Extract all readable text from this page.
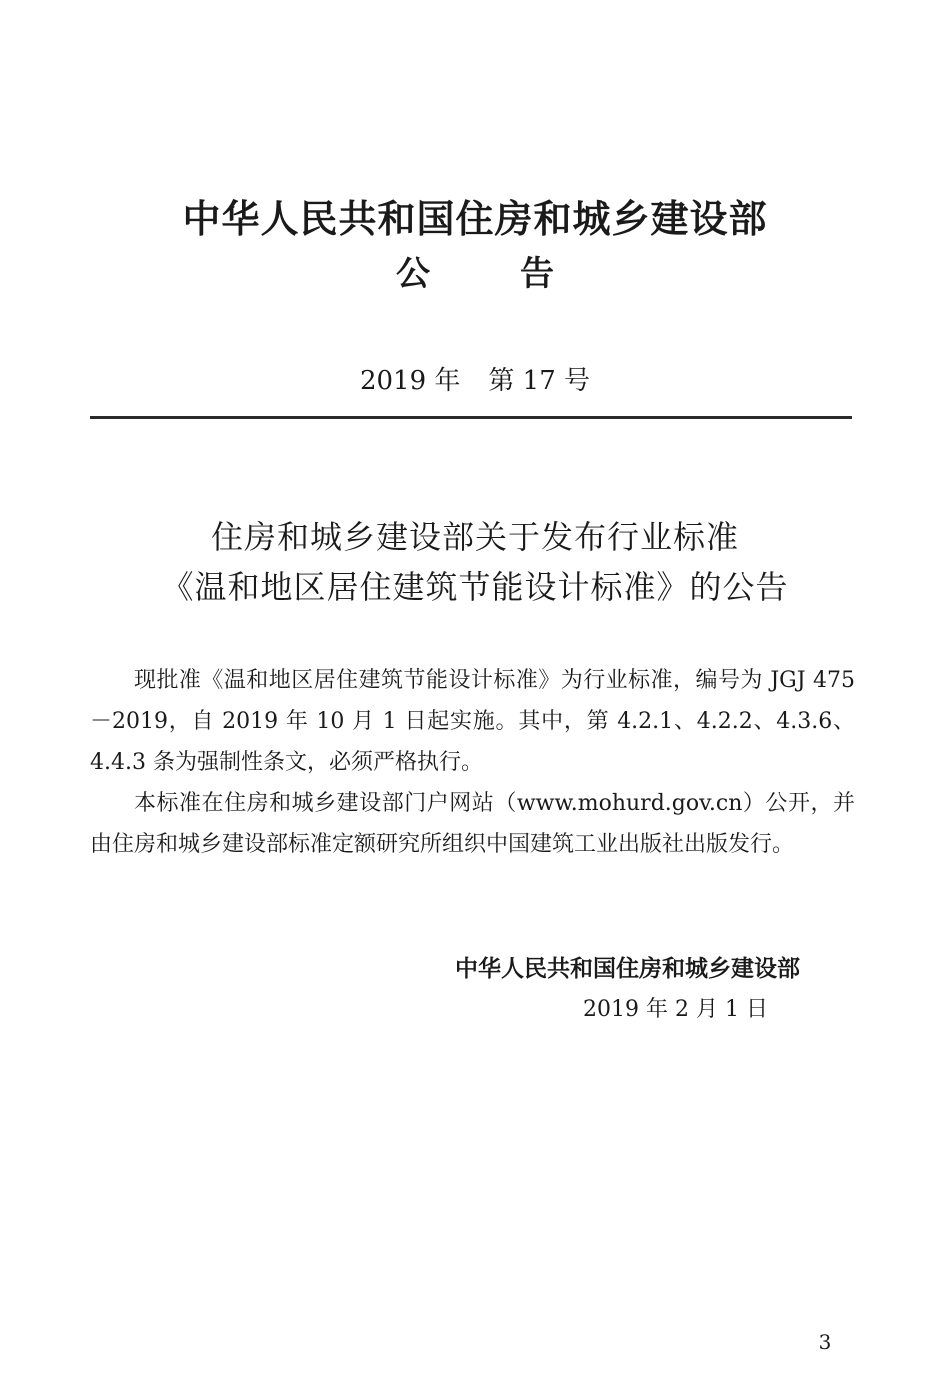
中华人民共和国住房和城乡建设部
公	告
2019 年 第 17 号
住房和城乡建设部关于发布行业标准
《温和地区居住建筑节能设计标准》的公告

现批准《温和地区居住建筑节能设计标准》为行业标准，编号为 JGJ 475－2019，自 2019 年 10 月 1 日起实施。其中，第 4.2.1、4.2.2、4.3.6、4.4.3 条为强制性条文，必须严格执行。

本标准在住房和城乡建设部门户网站（www.mohurd.gov.cn）公开，并由住房和城乡建设部标准定额研究所组织中国建筑工业出版社出版发行。

中华人民共和国住房和城乡建设部
2019 年 2 月 1 日
3
